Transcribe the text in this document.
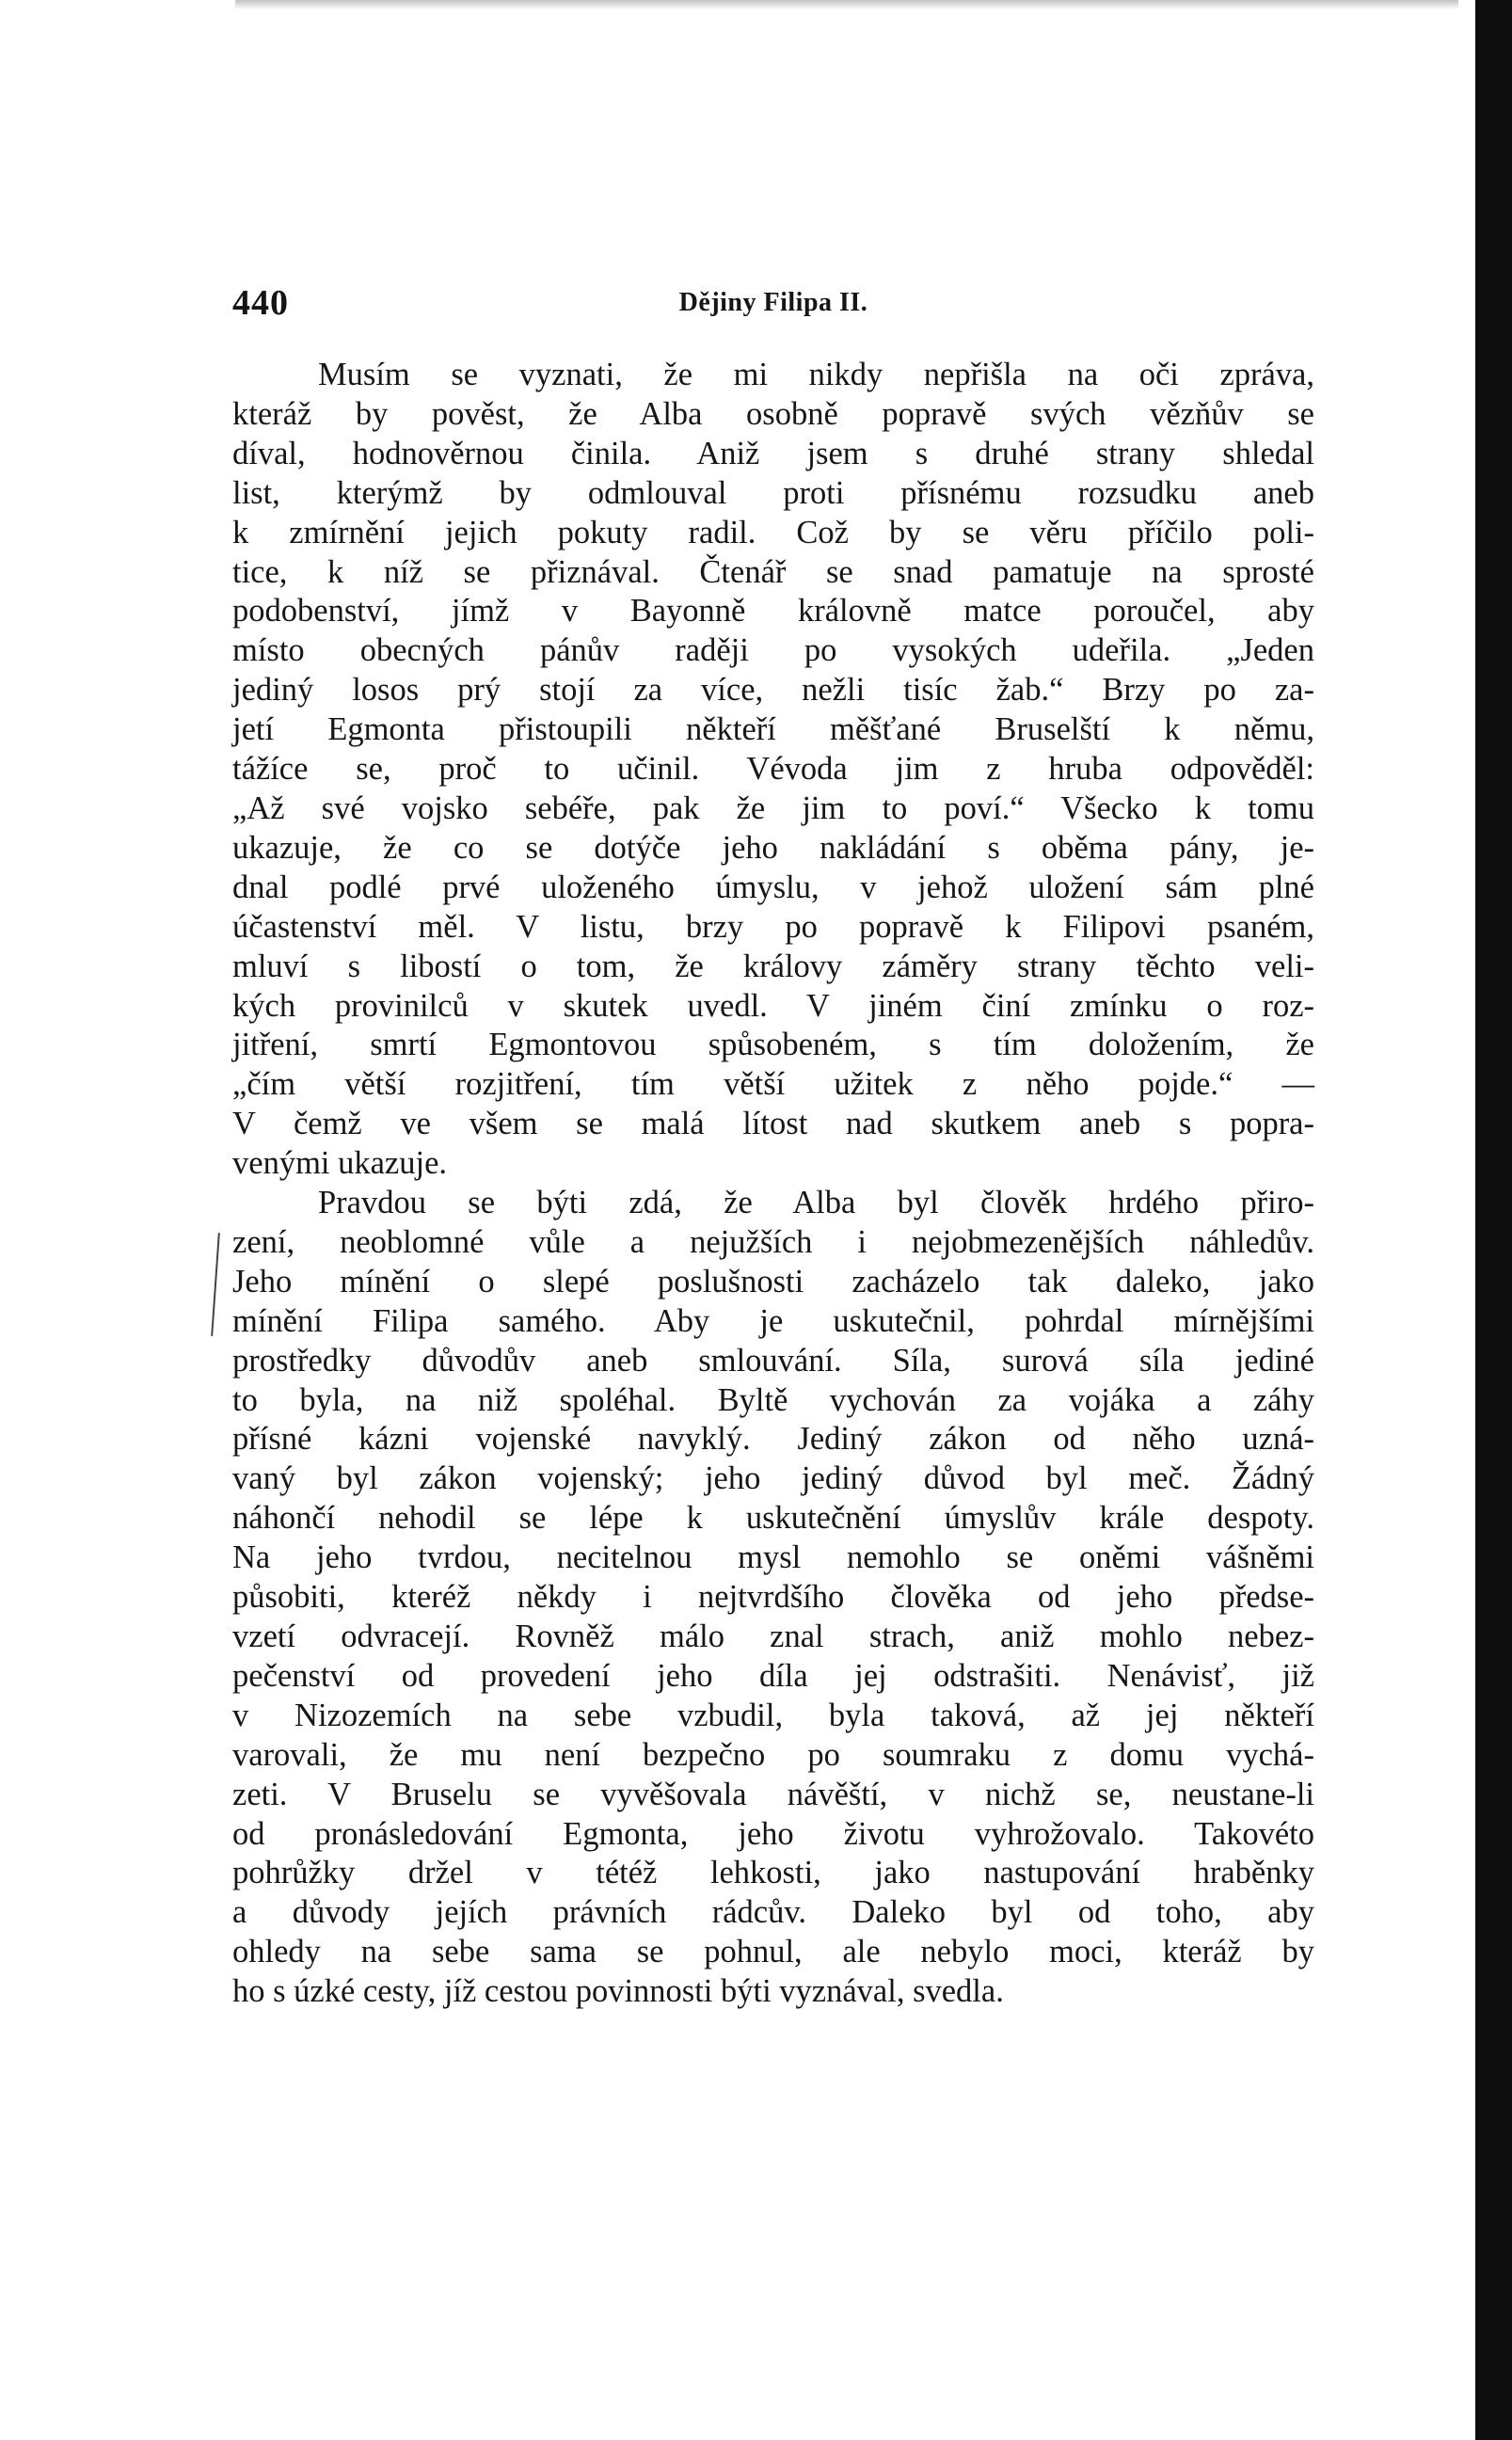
440	Dějiny Filipa II.

Musím se vyznati, že mi nikdy nepřišla na oči zpráva,
kteráž by pověst, že Alba osobně popravě svých vězňův se
díval, hodnověrnou činila. Aniž jsem s druhé strany shledal
list, kterýmž by odmlouval proti přísnému rozsudku aneb
k zmírnění jejich pokuty radil. Což by se věru příčilo poli-
tice, k níž se přiznával. Čtenář se snad pamatuje na sprosté
podobenství, jímž v Bayonně královně matce poroučel, aby
místo obecných pánův raději po vysokých udeřila. „Jeden
jediný losos prý stojí za více, nežli tisíc žab.“ Brzy po za-
jetí Egmonta přistoupili někteří měšťané Bruselští k němu,
tážíce se, proč to učinil. Vévoda jim z hruba odpověděl:
„Až své vojsko sebéře, pak že jim to poví.“ Všecko k tomu
ukazuje, že co se dotýče jeho nakládání s oběma pány, je-
dnal podlé prvé uloženého úmyslu, v jehož uložení sám plné
účastenství měl. V listu, brzy po popravě k Filipovi psaném,
mluví s libostí o tom, že královy záměry strany těchto veli-
kých provinilců v skutek uvedl. V jiném činí zmínku o roz-
jitření, smrtí Egmontovou spůsobeném, s tím doložením, že
„čím větší rozjitření, tím větší užitek z něho pojde.“ —
V čemž ve všem se malá lítost nad skutkem aneb s popra-
venými ukazuje.

Pravdou se býti zdá, že Alba byl člověk hrdého přiro-
zení, neoblomné vůle a nejužších i nejobmezenějších náhledův.
Jeho mínění o slepé poslušnosti zacházelo tak daleko, jako
mínění Filipa samého. Aby je uskutečnil, pohrdal mírnějšími
prostředky důvodův aneb smlouvání. Síla, surová síla jediné
to byla, na niž spoléhal. Byltě vychován za vojáka a záhy
přísné kázni vojenské navyklý. Jediný zákon od něho uzná-
vaný byl zákon vojenský; jeho jediný důvod byl meč. Žádný
náhončí nehodil se lépe k uskutečnění úmyslův krále despoty.
Na jeho tvrdou, necitelnou mysl nemohlo se oněmi vášněmi
působiti, kteréž někdy i nejtvrdšího člověka od jeho předse-
vzetí odvracejí. Rovněž málo znal strach, aniž mohlo nebez-
pečenství od provedení jeho díla jej odstrašiti. Nenávisť, již
v Nizozemích na sebe vzbudil, byla taková, až jej někteří
varovali, že mu není bezpečno po soumraku z domu vychá-
zeti. V Bruselu se vyvěšovala návěští, v nichž se, neustane-li
od pronásledování Egmonta, jeho životu vyhrožovalo. Takovéto
pohrůžky držel v tétéž lehkosti, jako nastupování hraběnky
a důvody jejích právních rádcův. Daleko byl od toho, aby
ohledy na sebe sama se pohnul, ale nebylo moci, kteráž by
ho s úzké cesty, jíž cestou povinnosti býti vyznával, svedla.
